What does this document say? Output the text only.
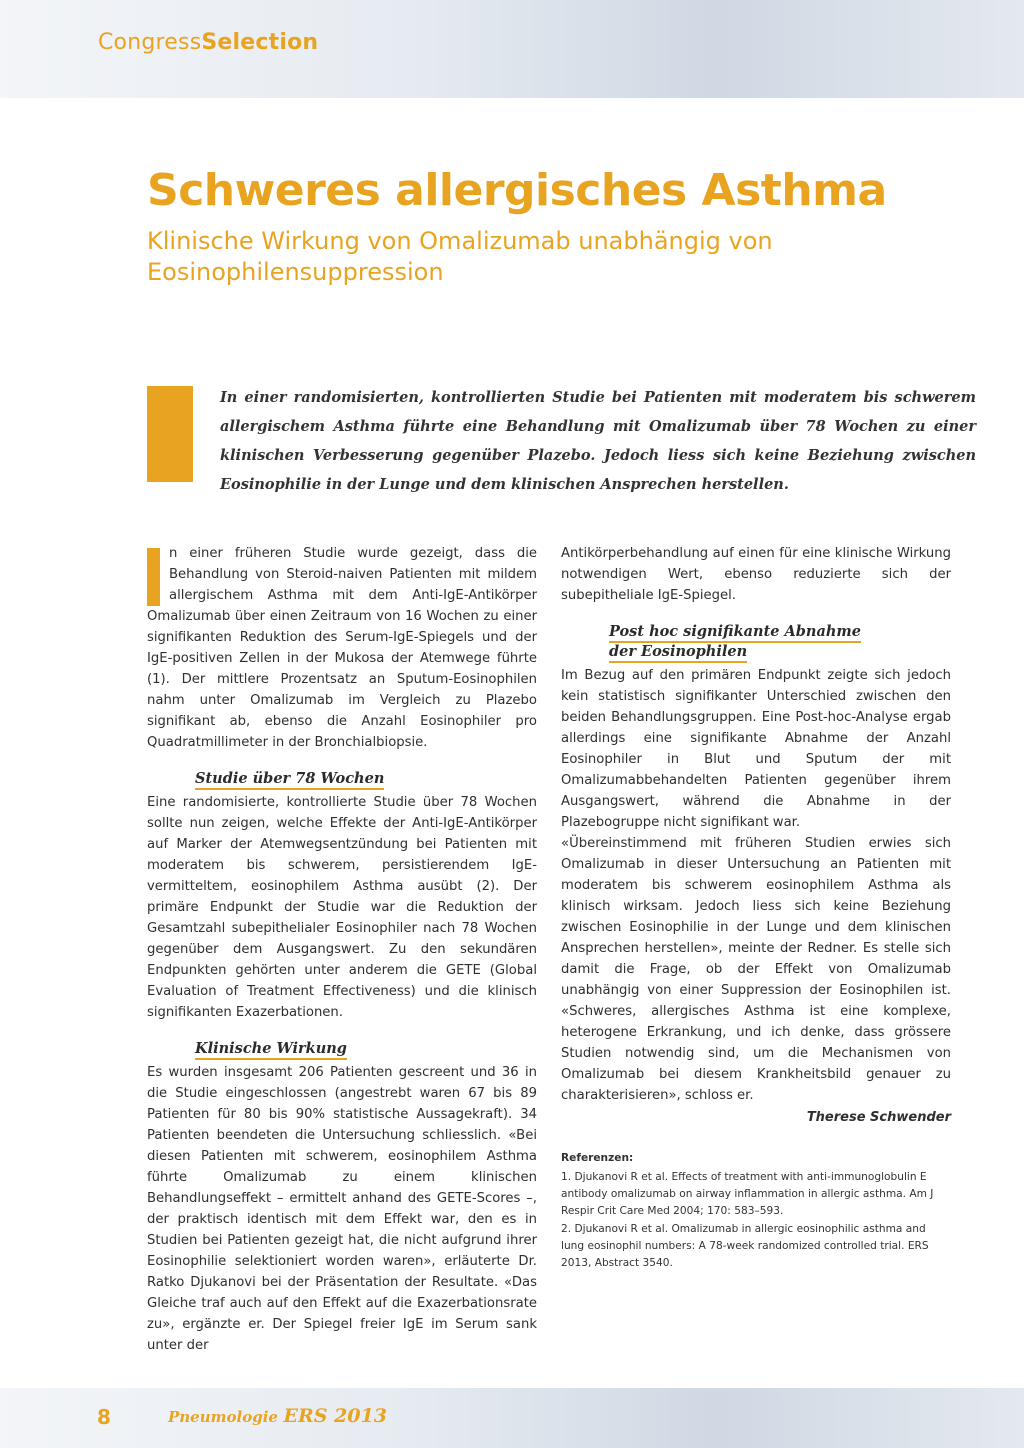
CongressSelection
Schweres allergisches Asthma
Klinische Wirkung von Omalizumab unabhängig von Eosinophilensuppression

In einer randomisierten, kontrollierten Studie bei Patienten mit moderatem bis schwerem allergischem Asthma führte eine Behandlung mit Omalizumab über 78 Wochen zu einer klinischen Verbesserung gegenüber Plazebo. Jedoch liess sich keine Beziehung zwischen Eosinophilie in der Lunge und dem klinischen Ansprechen herstellen.

n einer früheren Studie wurde gezeigt, dass die Behandlung von Steroid-naiven Patienten mit mildem allergischem Asthma mit dem Anti-IgE-Antikörper Omalizumab über einen Zeitraum von 16 Wochen zu einer signifikanten Reduktion des Serum-IgE-Spiegels und der IgE-positiven Zellen in der Mukosa der Atemwege führte (1). Der mittlere Prozentsatz an Sputum-Eosinophilen nahm unter Omalizumab im Vergleich zu Plazebo signifikant ab, ebenso die Anzahl Eosinophiler pro Quadratmillimeter in der Bronchialbiopsie.

Studie über 78 Wochen

Eine randomisierte, kontrollierte Studie über 78 Wochen sollte nun zeigen, welche Effekte der Anti-IgE-Antikörper auf Marker der Atemwegsentzündung bei Patienten mit moderatem bis schwerem, persistierendem IgE-vermitteltem, eosinophilem Asthma ausübt (2). Der primäre Endpunkt der Studie war die Reduktion der Gesamtzahl subepithelialer Eosinophiler nach 78 Wochen gegenüber dem Ausgangswert. Zu den sekundären Endpunkten gehörten unter anderem die GETE (Global Evaluation of Treatment Effectiveness) und die klinisch signifikanten Exazerbationen.

Klinische Wirkung

Es wurden insgesamt 206 Patienten gescreent und 36 in die Studie eingeschlossen (angestrebt waren 67 bis 89 Patienten für 80 bis 90% statistische Aussagekraft). 34 Patienten beendeten die Untersuchung schliesslich. «Bei diesen Patienten mit schwerem, eosinophilem Asthma führte Omalizumab zu einem klinischen Behandlungseffekt – ermittelt anhand des GETE-Scores –, der praktisch identisch mit dem Effekt war, den es in Studien bei Patienten gezeigt hat, die nicht aufgrund ihrer Eosinophilie selektioniert worden waren», erläuterte Dr. Ratko Djukanovi bei der Präsentation der Resultate. «Das Gleiche traf auch auf den Effekt auf die Exazerbationsrate zu», ergänzte er. Der Spiegel freier IgE im Serum sank unter der

Antikörperbehandlung auf einen für eine klinische Wirkung notwendigen Wert, ebenso reduzierte sich der subepitheliale IgE-Spiegel.

Post hoc signifikante Abnahme
der Eosinophilen

Im Bezug auf den primären Endpunkt zeigte sich jedoch kein statistisch signifikanter Unterschied zwischen den beiden Behandlungsgruppen. Eine Post-hoc-Analyse ergab allerdings eine signifikante Abnahme der Anzahl Eosinophiler in Blut und Sputum der mit Omalizumabbehandelten Patienten gegenüber ihrem Ausgangswert, während die Abnahme in der Plazebogruppe nicht signifikant war.

«Übereinstimmend mit früheren Studien erwies sich Omalizumab in dieser Untersuchung an Patienten mit moderatem bis schwerem eosinophilem Asthma als klinisch wirksam. Jedoch liess sich keine Beziehung zwischen Eosinophilie in der Lunge und dem klinischen Ansprechen herstellen», meinte der Redner. Es stelle sich damit die Frage, ob der Effekt von Omalizumab unabhängig von einer Suppression der Eosinophilen ist. «Schweres, allergisches Asthma ist eine komplexe, heterogene Erkrankung, und ich denke, dass grössere Studien notwendig sind, um die Mechanismen von Omalizumab bei diesem Krankheitsbild genauer zu charakterisieren», schloss er.

Therese Schwender
Referenzen:

1. Djukanovi R et al. Effects of treatment with anti-immunoglobulin E antibody omalizumab on airway inflammation in allergic asthma. Am J Respir Crit Care Med 2004; 170: 583–593.

2. Djukanovi R et al. Omalizumab in allergic eosinophilic asthma and lung eosinophil numbers: A 78-week randomized controlled trial. ERS 2013, Abstract 3540.

8	Pneumologie ERS 2013
